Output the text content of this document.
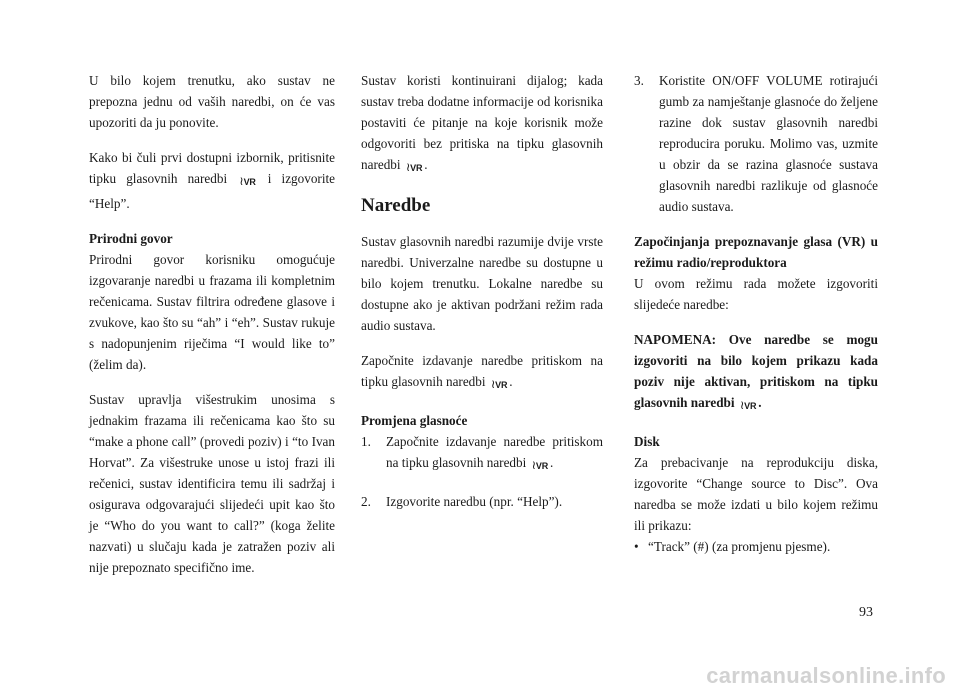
U bilo kojem trenutku, ako sustav ne prepozna jednu od vaših naredbi, on će vas upozoriti da ju ponovite.

Kako bi čuli prvi dostupni izbornik, pritisnite tipku glasovnih naredbi ≀VR i izgovorite “Help”.

Prirodni govor
Prirodni govor korisniku omogućuje izgovaranje naredbi u frazama ili kompletnim rečenicama. Sustav filtrira određene glasove i zvukove, kao što su “ah” i “eh”. Sustav rukuje s nadopunjenim riječima “I would like to” (želim da).

Sustav upravlja višestrukim unosima s jednakim frazama ili rečenicama kao što su “make a phone call” (provedi poziv) i “to Ivan Horvat”. Za višestruke unose u istoj frazi ili rečenici, sustav identificira temu ili sadržaj i osigurava odgovarajući slijedeći upit kao što je “Who do you want to call?” (koga želite nazvati) u slučaju kada je zatražen poziv ali nije prepoznato specifično ime.

Sustav koristi kontinuirani dijalog; kada sustav treba dodatne informacije od korisnika postaviti će pitanje na koje korisnik može odgovoriti bez pritiska na tipku glasovnih naredbi ≀VR .

Naredbe

Sustav glasovnih naredbi razumije dvije vrste naredbi. Univerzalne naredbe su dostupne u bilo kojem trenutku. Lokalne naredbe su dostupne ako je aktivan podržani režim rada audio sustava.

Započnite izdavanje naredbe pritiskom na tipku glasovnih naredbi ≀VR .

Promjena glasnoće
1.	Započnite izdavanje naredbe pritiskom na tipku glasovnih naredbi ≀VR .
2.	Izgovorite naredbu (npr. “Help”).
3.	Koristite ON/OFF VOLUME rotirajući gumb za namještanje glasnoće do željene razine dok sustav glasovnih naredbi reproducira poruku. Molimo vas, uzmite u obzir da se razina glasnoće sustava glasovnih naredbi razlikuje od glasnoće audio sustava.

Započinjanja prepoznavanje glasa (VR) u režimu radio/reproduktora
U ovom režimu rada možete izgovoriti slijedeće naredbe:

NAPOMENA: Ove naredbe se mogu izgovoriti na bilo kojem prikazu kada poziv nije aktivan, pritiskom na tipku glasovnih naredbi ≀VR .

Disk
Za prebacivanje na reprodukciju diska, izgovorite “Change source to Disc”. Ova naredba se može izdati u bilo kojem režimu ili prikazu:
• “Track” (#) (za promjenu pjesme).
93
carmanualsonline.info
